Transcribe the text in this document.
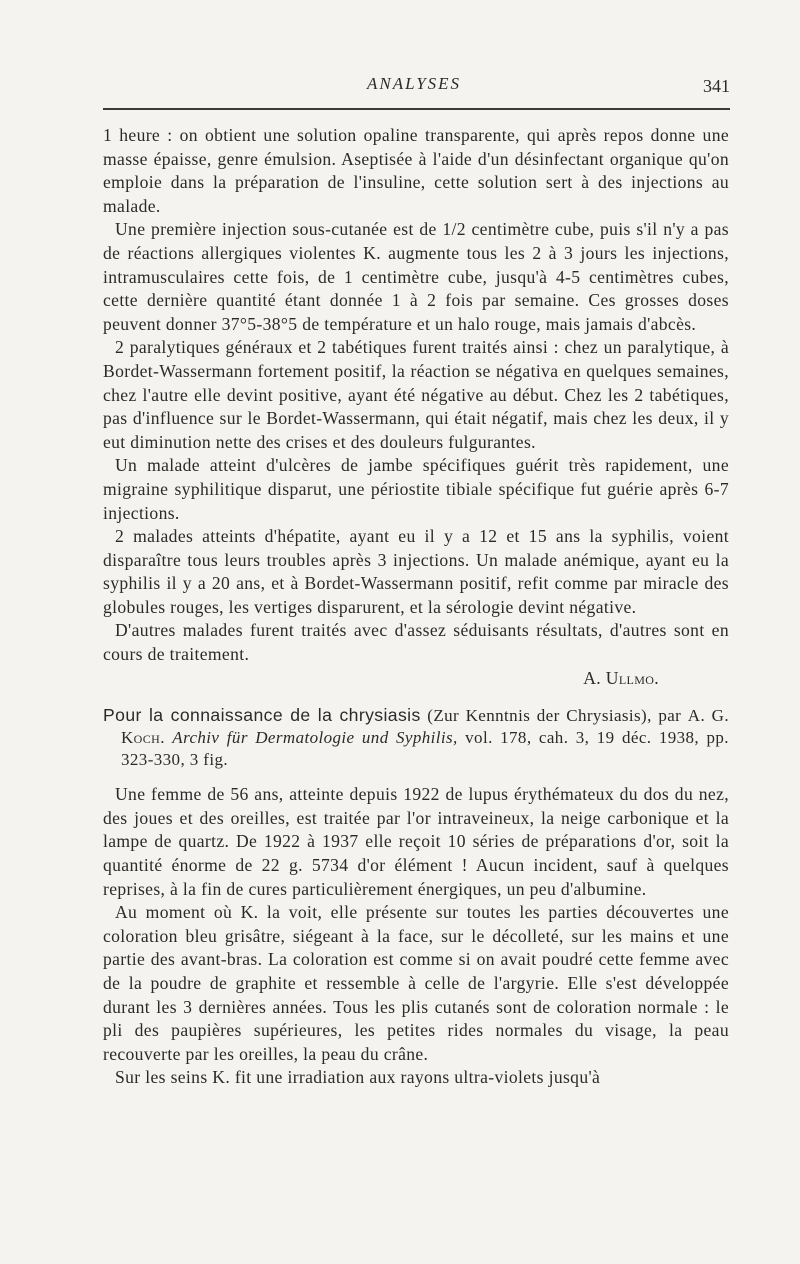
ANALYSES	341

1 heure : on obtient une solution opaline transparente, qui après repos donne une masse épaisse, genre émulsion. Aseptisée à l'aide d'un désinfectant organique qu'on emploie dans la préparation de l'insuline, cette solution sert à des injections au malade.

Une première injection sous-cutanée est de 1/2 centimètre cube, puis s'il n'y a pas de réactions allergiques violentes K. augmente tous les 2 à 3 jours les injections, intramusculaires cette fois, de 1 centimètre cube, jusqu'à 4-5 centimètres cubes, cette dernière quantité étant donnée 1 à 2 fois par semaine. Ces grosses doses peuvent donner 37°5-38°5 de température et un halo rouge, mais jamais d'abcès.

2 paralytiques généraux et 2 tabétiques furent traités ainsi : chez un paralytique, à Bordet-Wassermann fortement positif, la réaction se négativa en quelques semaines, chez l'autre elle devint positive, ayant été négative au début. Chez les 2 tabétiques, pas d'influence sur le Bordet-Wassermann, qui était négatif, mais chez les deux, il y eut diminution nette des crises et des douleurs fulgurantes.

Un malade atteint d'ulcères de jambe spécifiques guérit très rapidement, une migraine syphilitique disparut, une périostite tibiale spécifique fut guérie après 6-7 injections.

2 malades atteints d'hépatite, ayant eu il y a 12 et 15 ans la syphilis, voient disparaître tous leurs troubles après 3 injections. Un malade anémique, ayant eu la syphilis il y a 20 ans, et à Bordet-Wassermann positif, refit comme par miracle des globules rouges, les vertiges disparurent, et la sérologie devint négative.

D'autres malades furent traités avec d'assez séduisants résultats, d'autres sont en cours de traitement.

A. Ullmo.

Pour la connaissance de la chrysiasis (Zur Kenntnis der Chrysiasis), par A. G. Koch. Archiv für Dermatologie und Syphilis, vol. 178, cah. 3, 19 déc. 1938, pp. 323-330, 3 fig.

Une femme de 56 ans, atteinte depuis 1922 de lupus érythémateux du dos du nez, des joues et des oreilles, est traitée par l'or intraveineux, la neige carbonique et la lampe de quartz. De 1922 à 1937 elle reçoit 10 séries de préparations d'or, soit la quantité énorme de 22 g. 5734 d'or élément ! Aucun incident, sauf à quelques reprises, à la fin de cures particulièrement énergiques, un peu d'albumine.

Au moment où K. la voit, elle présente sur toutes les parties découvertes une coloration bleu grisâtre, siégeant à la face, sur le décolleté, sur les mains et une partie des avant-bras. La coloration est comme si on avait poudré cette femme avec de la poudre de graphite et ressemble à celle de l'argyrie. Elle s'est développée durant les 3 dernières années. Tous les plis cutanés sont de coloration normale : le pli des paupières supérieures, les petites rides normales du visage, la peau recouverte par les oreilles, la peau du crâne.

Sur les seins K. fit une irradiation aux rayons ultra-violets jusqu'à
